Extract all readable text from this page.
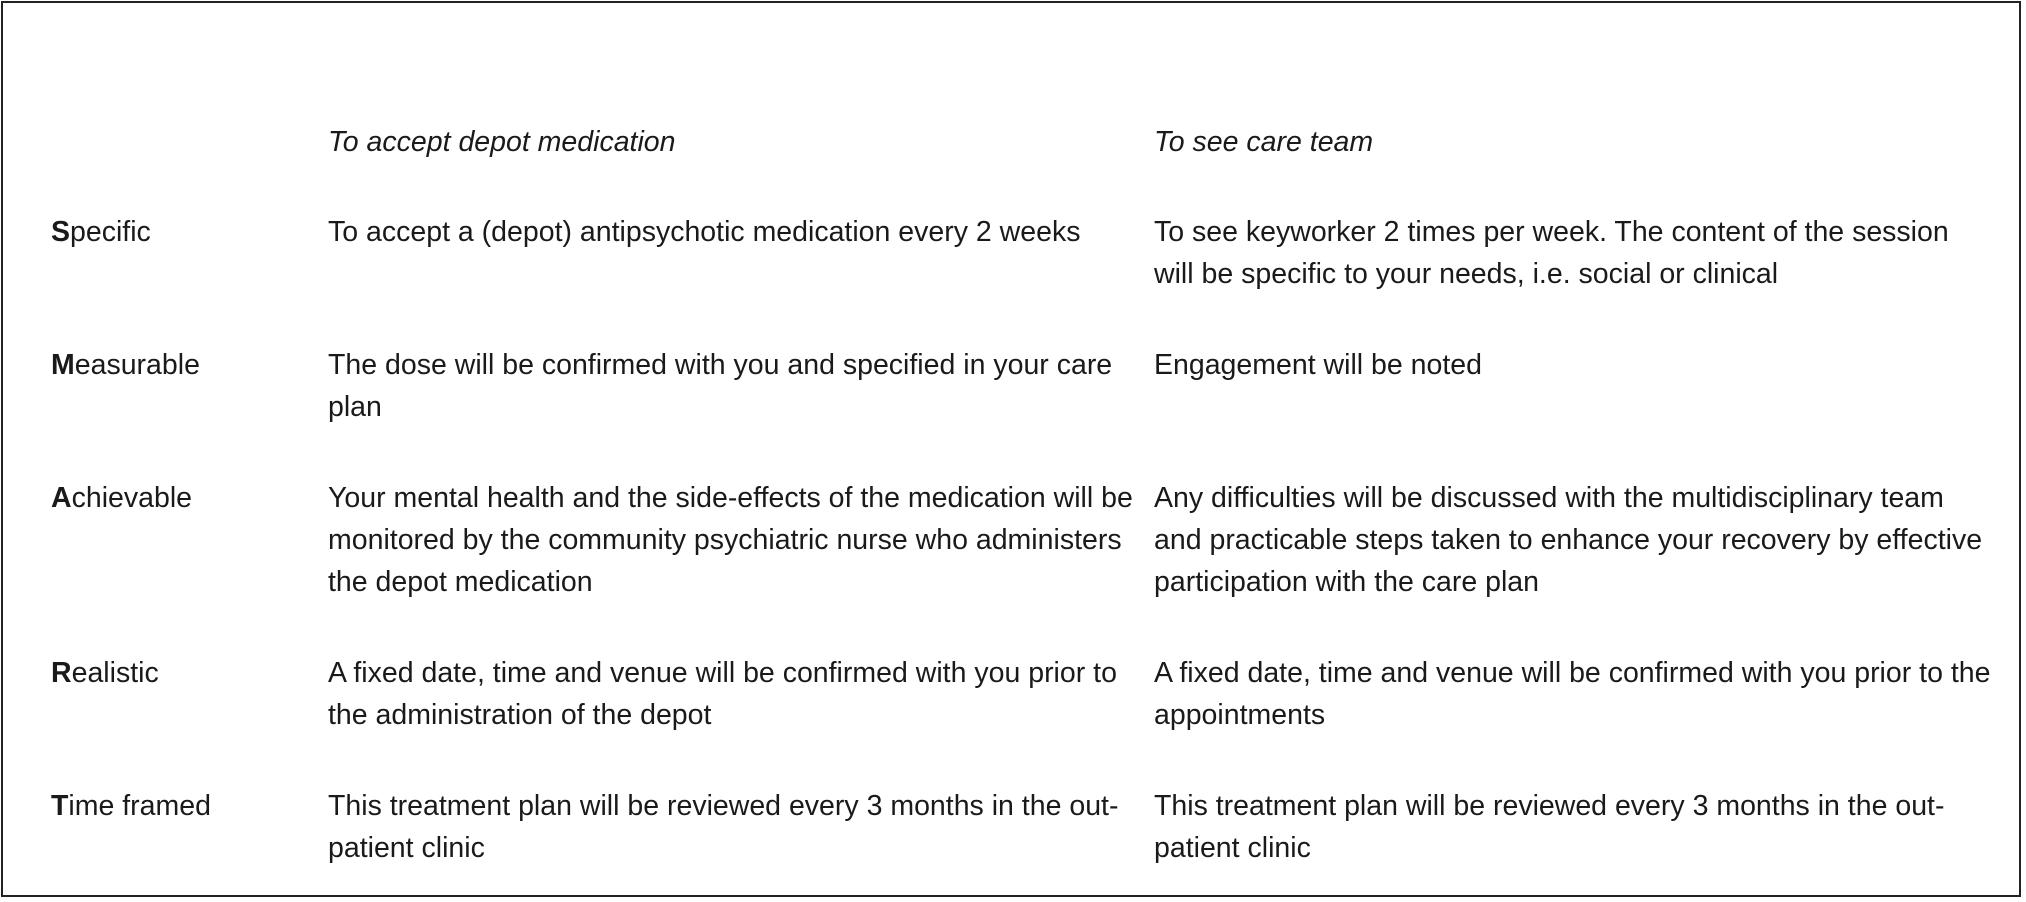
	To accept depot medication	To see care team
Specific	To accept a (depot) antipsychotic medication every 2 weeks	To see keyworker 2 times per week. The content of the session will be specific to your needs, i.e. social or clinical

Measurable	The dose will be confirmed with you and specified in your care plan	Engagement will be noted

Achievable	Your mental health and the side-effects of the medication will be monitored by the community psychiatric nurse who administers the depot medication	Any difficulties will be discussed with the multidisciplinary team and practicable steps taken to enhance your recovery by effective participation with the care plan

Realistic	A fixed date, time and venue will be confirmed with you prior to the administration of the depot	A fixed date, time and venue will be confirmed with you prior to the appointments

Time framed	This treatment plan will be reviewed every 3 months in the out-patient clinic	This treatment plan will be reviewed every 3 months in the out-patient clinic
